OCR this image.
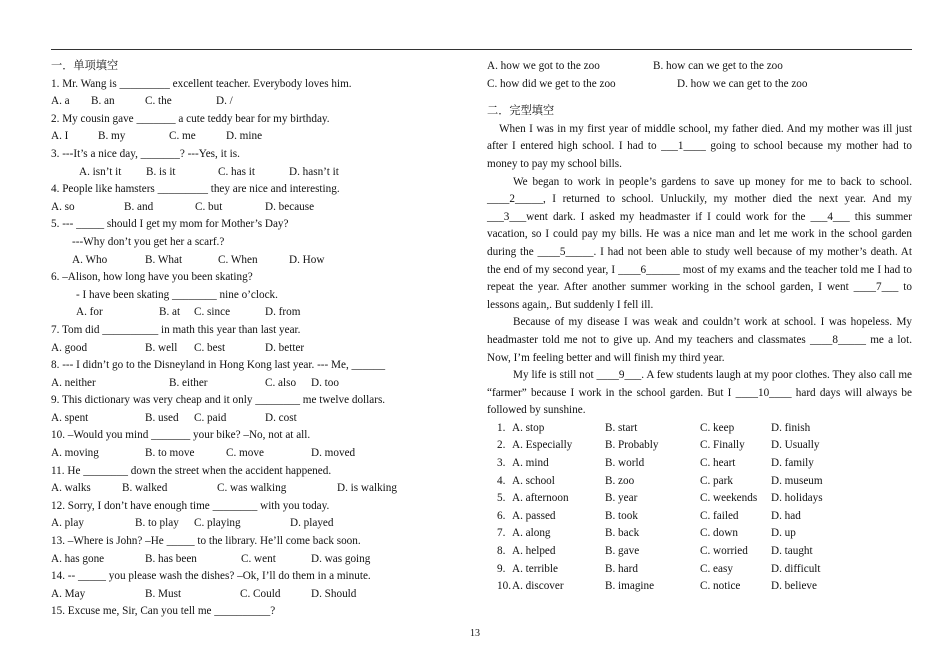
一．单项填空
1. Mr. Wang is _________ excellent teacher. Everybody loves him.
A. a B. an	C. the	D. /
2. My cousin gave _______ a cute teddy bear for my birthday.
A. I	B. my	C. me	D. mine
3. ---It’s a nice day, _______? ---Yes, it is.
A. isn’t it B. is it	C. has it	D. hasn’t it
4. People like hamsters _________ they are nice and interesting.
A. so	B. and	C. but	D. because
5. --- _____ should I get my mom for Mother’s Day?
---Why don’t you get her a scarf.?
A. Who	B. What	C. When	D. How
6. –Alison, how long have you been skating?
- I have been skating ________ nine o’clock.
A. for	B. at C. since	D. from
7. Tom did __________ in math this year than last year.
A. good	B. well C. best	D. better
8. --- I didn’t go to the Disneyland in Hong Kong last year. --- Me, ______
A. neither	B. either	C. also D. too
9. This dictionary was very cheap and it only ________ me twelve dollars.
A. spent	B. used C. paid	D. cost
10. –Would you mind _______ your bike? –No, not at all.
A. moving	B. to move	C. move	D. moved
11. He ________ down the street when the accident happened.
A. walks	B. walked	C. was walking	D. is walking
12. Sorry, I don’t have enough time ________ with you today.
A. play	B. to play C. playing	D. played
13. –Where is John? –He _____ to the library. He’ll come back soon.
A. has gone	B. has been	C. went	D. was going
14. -- _____ you please wash the dishes? –Ok, I’ll do them in a minute.
A. May	B. Must	C. Could	D. Should
15. Excuse me, Sir, Can you tell me __________?
A. how we got to the zoo	B. how can we get to the zoo
C. how did we get to the zoo	D. how we can get to the zoo
二．完型填空

When I was in my first year of middle school, my father died. And my mother was ill just after I entered high school. I had to ___1____ going to school because my mother had to money to pay my school bills.

We began to work in people’s gardens to save up money for me to back to school. ____2_____, I returned to school. Unluckily, my mother died the next year. And my ___3___went dark. I asked my headmaster if I could work for the ___4___ this summer vacation, so I could pay my bills. He was a nice man and let me work in the school garden during the ____5_____. I had not been able to study well because of my mother’s death. At the end of my second year, I ____6______ most of my exams and the teacher told me I had to repeat the year. After another summer working in the school garden, I went ____7___ to lessons again,. But suddenly I fell ill.

Because of my disease I was weak and couldn’t work at school. I was hopeless. My headmaster told me not to give up. And my teachers and classmates ____8_____ me a lot. Now, I’m feeling better and will finish my third year.

My life is still not ____9___. A few students laugh at my poor clothes. They also call me “farmer” because I work in the school garden. But I ____10____ hard days will always be followed by sunshine.

1. A. stop	B. start	C. keep	D. finish
2. A. Especially	B. Probably	C. Finally D. Usually
3. A. mind	B. world	C. heart	D. family
4. A. school	B. zoo	C. park	D. museum
5. A. afternoon	B. year	C. weekends D. holidays
6. A. passed	B. took	C. failed	D. had
7. A. along	B. back	C. down	D. up
8. A. helped	B. gave	C. worried D. taught
9. A. terrible	B. hard	C. easy	D. difficult
10. A. discover	B. imagine	C. notice	D. believe
13
